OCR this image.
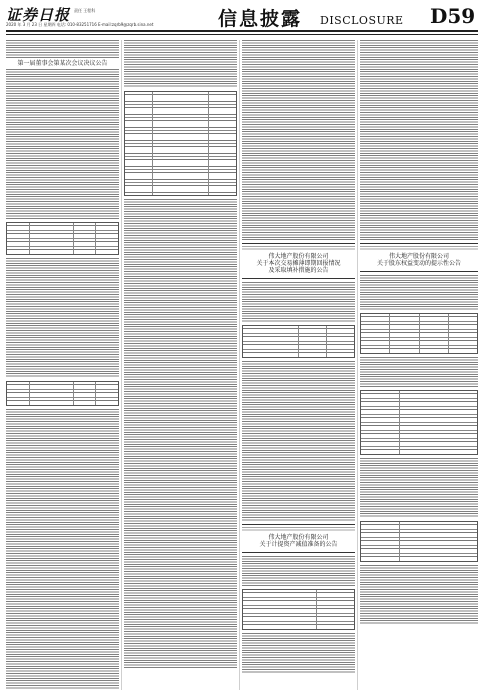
证券日报 责任 王程科
2020 年 3 月 23 日 星期四 电话: 010-83251716 E-mail:zqrb9@zqrb.sina.net	信息披露 DISCLOSURE D59
第一届董事会第某次会议决议公告
伟大地产股份有限公司
关于本次交易摊薄即期回报情况
及采取填补措施的公告
伟大地产股份有限公司
关于计提资产减值准备的公告
伟大地产股份有限公司
关于股东权益变动的提示性公告
